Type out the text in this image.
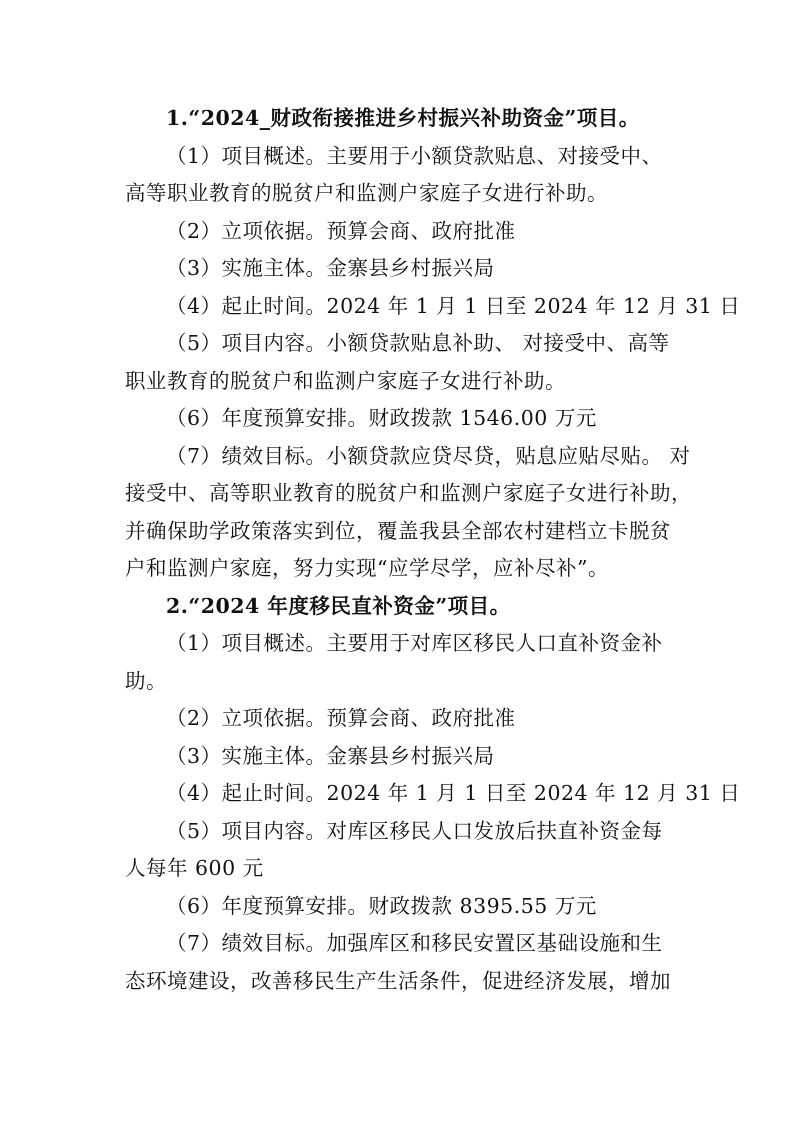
1.“2024_财政衔接推进乡村振兴补助资金”项目。
（1）项目概述。主要用于小额贷款贴息、对接受中、
高等职业教育的脱贫户和监测户家庭子女进行补助。
（2）立项依据。预算会商、政府批准
（3）实施主体。金寨县乡村振兴局
（4）起止时间。2024 年 1 月 1 日至 2024 年 12 月 31 日
（5）项目内容。小额贷款贴息补助、 对接受中、高等
职业教育的脱贫户和监测户家庭子女进行补助。
（6）年度预算安排。财政拨款 1546.00 万元
（7）绩效目标。小额贷款应贷尽贷，贴息应贴尽贴。 对
接受中、高等职业教育的脱贫户和监测户家庭子女进行补助，
并确保助学政策落实到位，覆盖我县全部农村建档立卡脱贫
户和监测户家庭，努力实现“应学尽学，应补尽补”。
2.“2024 年度移民直补资金”项目。
（1）项目概述。主要用于对库区移民人口直补资金补
助。
（2）立项依据。预算会商、政府批准
（3）实施主体。金寨县乡村振兴局
（4）起止时间。2024 年 1 月 1 日至 2024 年 12 月 31 日
（5）项目内容。对库区移民人口发放后扶直补资金每
人每年 600 元
（6）年度预算安排。财政拨款 8395.55 万元
（7）绩效目标。加强库区和移民安置区基础设施和生
态环境建设，改善移民生产生活条件，促进经济发展，增加
